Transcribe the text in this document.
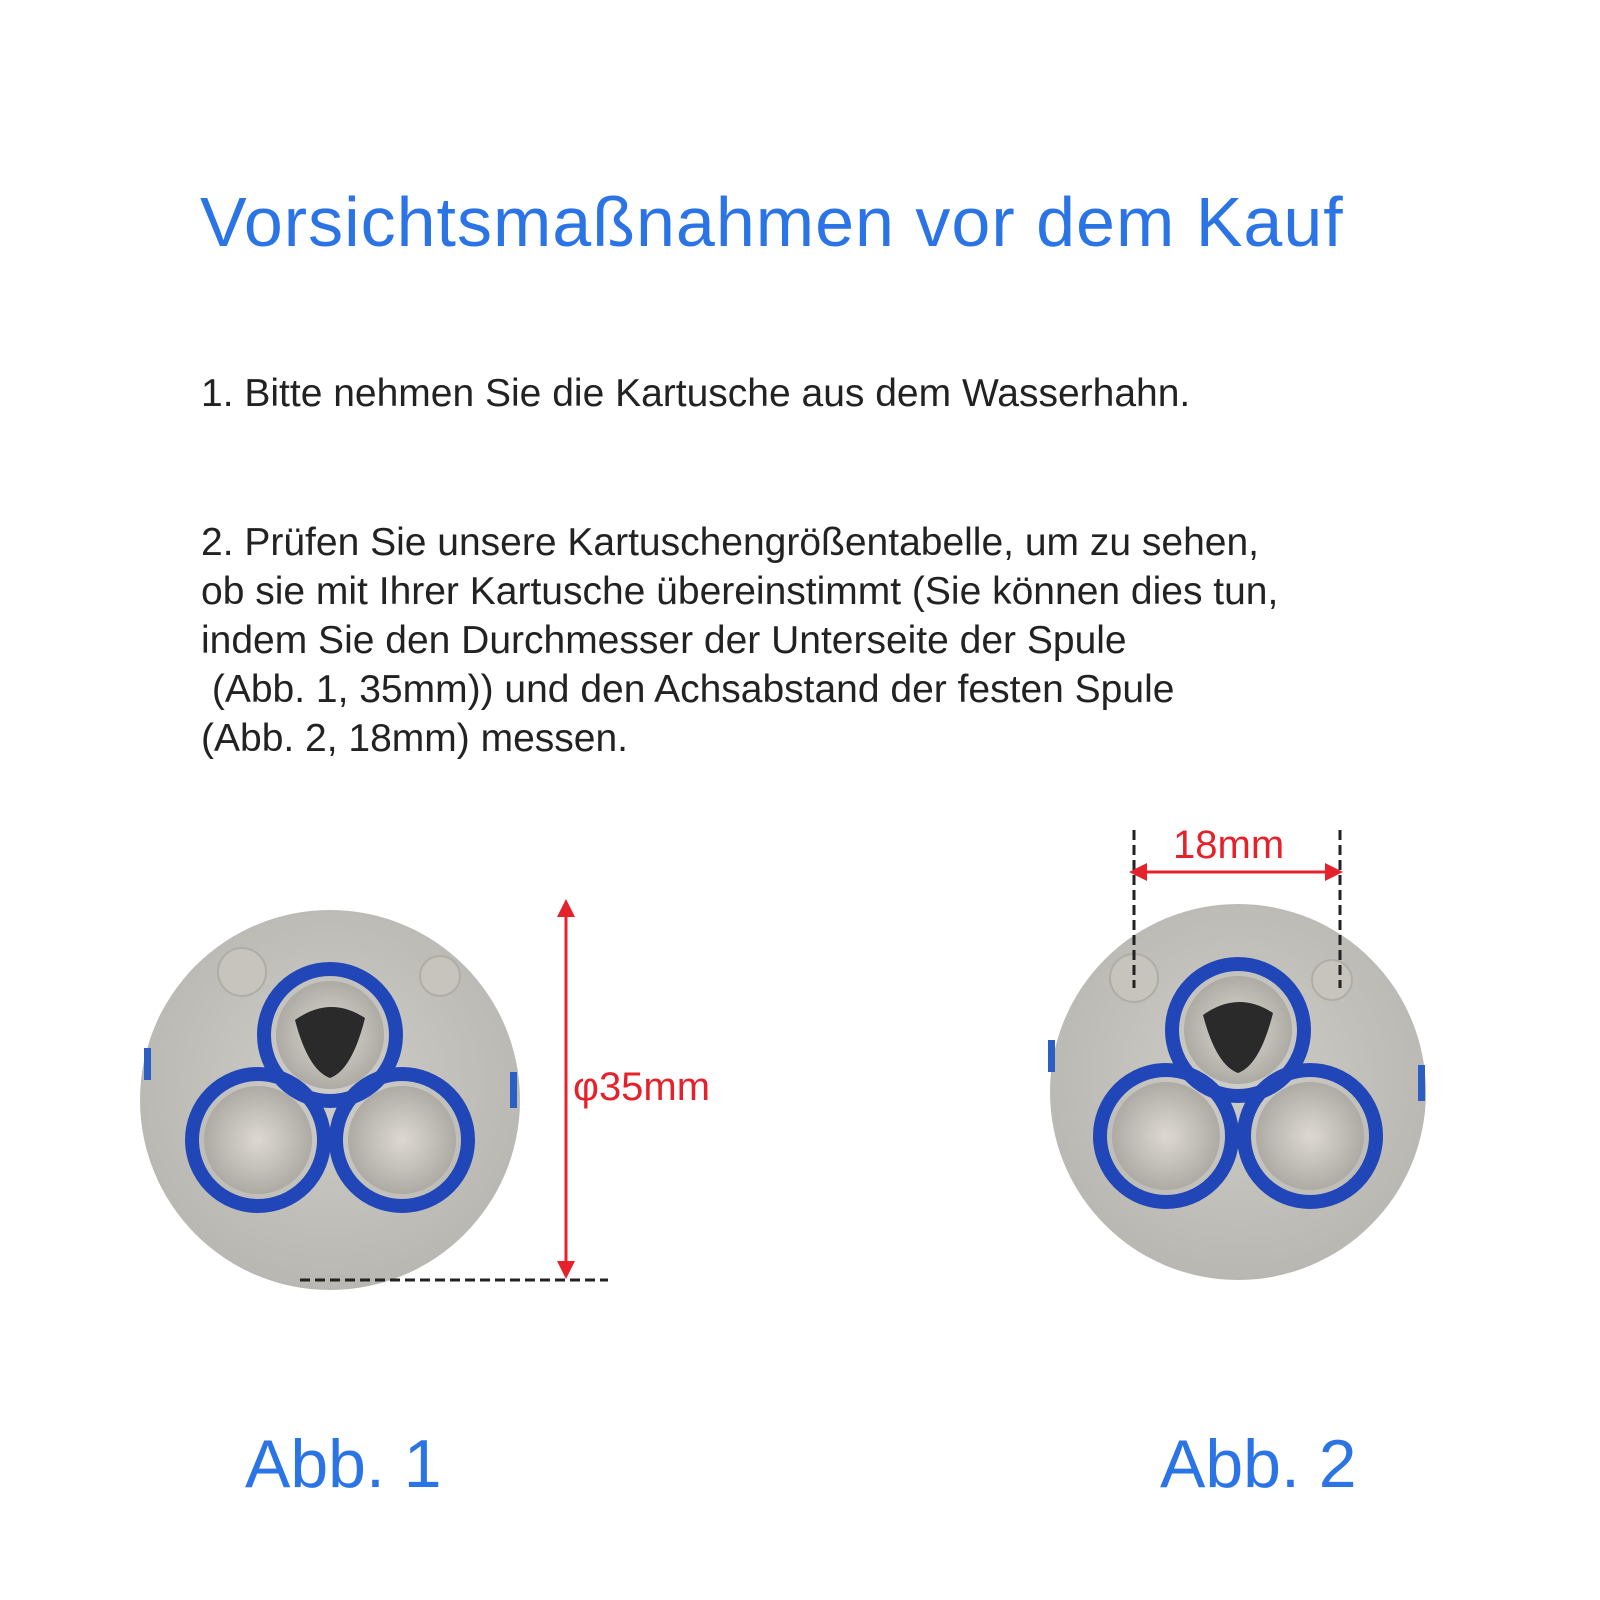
Vorsichtsmaßnahmen vor dem Kauf
1. Bitte nehmen Sie die Kartusche aus dem Wasserhahn.
2. Prüfen Sie unsere Kartuschengrößentabelle, um zu sehen,
ob sie mit Ihrer Kartusche übereinstimmt (Sie können dies tun,
indem Sie den Durchmesser der Unterseite der Spule
(Abb. 1, 35mm)) und den Achsabstand der festen Spule
(Abb. 2, 18mm) messen.
φ35mm
18mm
Abb. 1	Abb. 2
